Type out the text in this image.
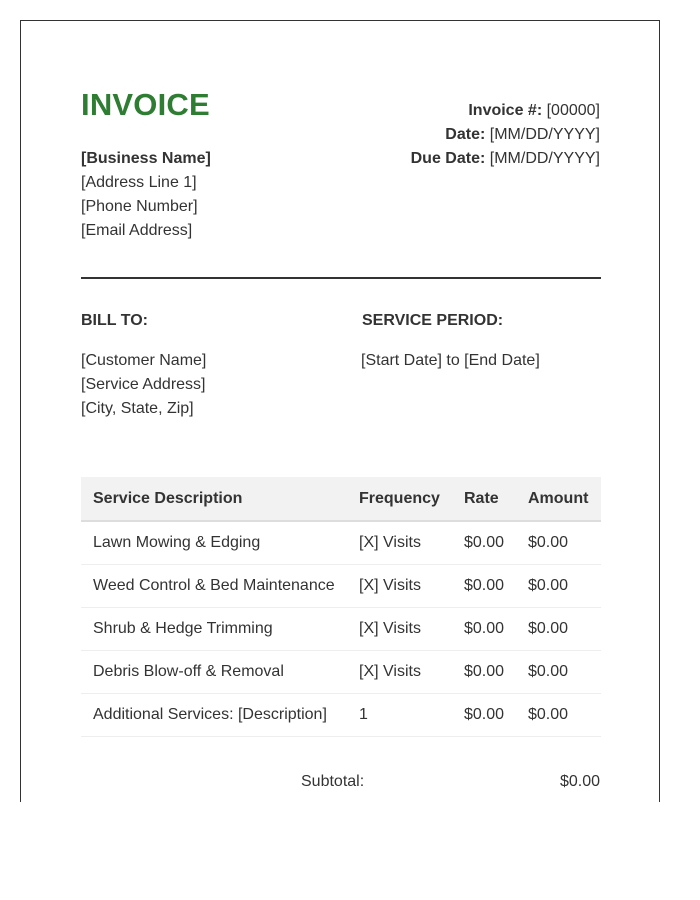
INVOICE
[Business Name]
[Address Line 1]
[Phone Number]
[Email Address]
Invoice #: [00000]
Date: [MM/DD/YYYY]
Due Date: [MM/DD/YYYY]
BILL TO:
[Customer Name]
[Service Address]
[City, State, Zip]
SERVICE PERIOD:
[Start Date] to [End Date]
Service Description	Frequency	Rate	Amount
Lawn Mowing & Edging	[X] Visits	$0.00	$0.00
Weed Control & Bed Maintenance	[X] Visits	$0.00	$0.00
Shrub & Hedge Trimming	[X] Visits	$0.00	$0.00
Debris Blow-off & Removal	[X] Visits	$0.00	$0.00
Additional Services: [Description]	1	$0.00	$0.00
Subtotal:	$0.00
